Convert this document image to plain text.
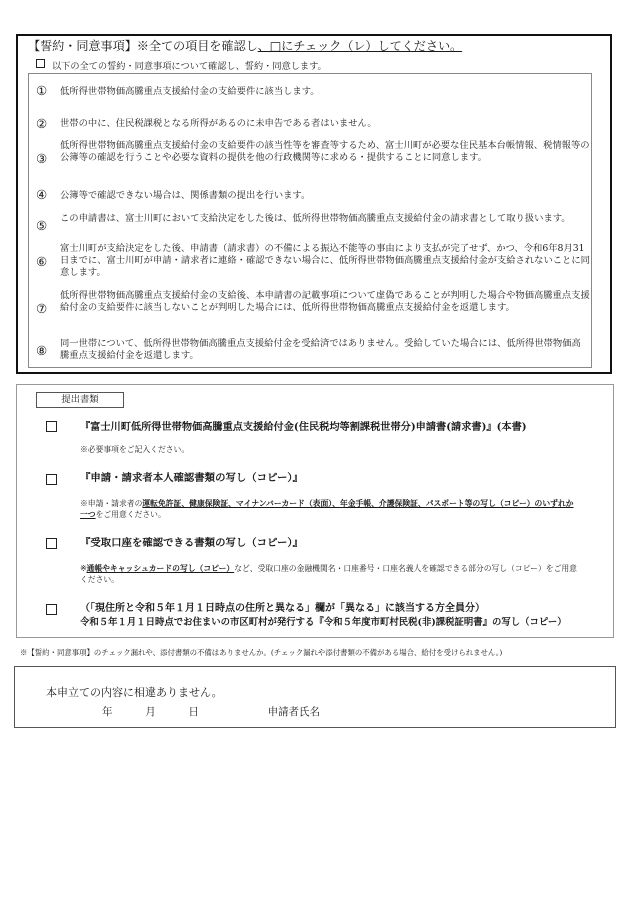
【誓約・同意事項】※全ての項目を確認し、□にチェック（レ）してください。
以下の全ての誓約・同意事項について確認し、誓約・同意します。
① 低所得世帯物価高騰重点支援給付金の支給要件に該当します。
② 世帯の中に、住民税課税となる所得があるのに未申告である者はいません。
③
低所得世帯物価高騰重点支援給付金の支給要件の該当性等を審査等するため、富士川町が必要な住民基本台帳情報、税情報等の公簿等の確認を行うことや必要な資料の提供を他の行政機関等に求める・提供することに同意します。
④ 公簿等で確認できない場合は、関係書類の提出を行います。
⑤ この申請書は、富士川町において支給決定をした後は、低所得世帯物価高騰重点支援給付金の請求書として取り扱います。
⑥
富士川町が支給決定をした後、申請書（請求書）の不備による振込不能等の事由により支払が完了せず、かつ、令和6年8月31日までに、富士川町が申請・請求者に連絡・確認できない場合に、低所得世帯物価高騰重点支援給付金が支給されないことに同意します。
⑦
低所得世帯物価高騰重点支援給付金の支給後、本申請書の記載事項について虚偽であることが判明した場合や物価高騰重点支援給付金の支給要件に該当しないことが判明した場合には、低所得世帯物価高騰重点支援給付金を返還します。
⑧ 同一世帯について、低所得世帯物価高騰重点支援給付金を受給済ではありません。受給していた場合には、低所得世帯物価高騰重点支援給付金を返還します。
提出書類
『富士川町低所得世帯物価高騰重点支援給付金(住民税均等割課税世帯分)申請書(請求書)』(本書)
※必要事項をご記入ください。
『申請・請求者本人確認書類の写し（コピー）』
※申請・請求者の運転免許証、健康保険証、マイナンバーカード（表面）、年金手帳、介護保険証、パスポート等の写し（コピー）のいずれか一つをご用意ください。
『受取口座を確認できる書類の写し（コピー）』
※通帳やキャッシュカードの写し（コピー）など、受取口座の金融機関名・口座番号・口座名義人を確認できる部分の写し（コピー）をご用意ください。
（「現住所と令和５年１月１日時点の住所と異なる」欄が「異なる」に該当する方全員分）
令和５年１月１日時点でお住まいの市区町村が発行する『令和５年度市町村民税(非)課税証明書』の写し（コピー）
※【誓約・同意事項】のチェック漏れや、添付書類の不備はありませんか。(チェック漏れや添付書類の不備がある場合、給付を受けられません。)
本申立ての内容に相違ありません。
年	月	日	申請者氏名
